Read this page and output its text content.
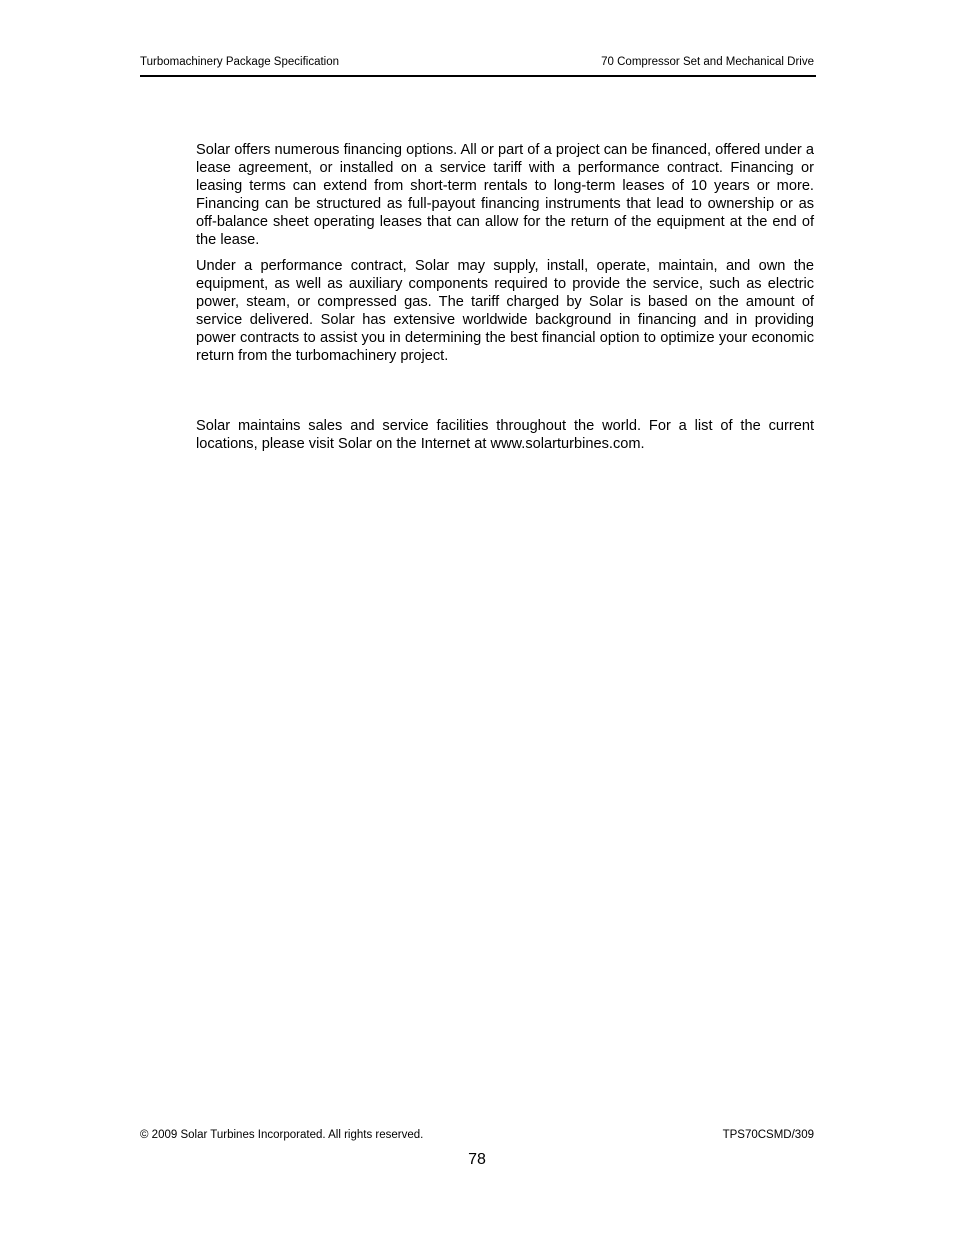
Turbomachinery Package Specification	70 Compressor Set and Mechanical Drive

Solar offers numerous financing options. All or part of a project can be financed, offered under a lease agreement, or installed on a service tariff with a performance contract. Financing or leasing terms can extend from short-term rentals to long-term leases of 10 years or more. Financing can be structured as full-payout financing instruments that lead to ownership or as off-balance sheet operating leases that can allow for the return of the equipment at the end of the lease.

Under a performance contract, Solar may supply, install, operate, maintain, and own the equipment, as well as auxiliary components required to provide the service, such as electric power, steam, or compressed gas. The tariff charged by Solar is based on the amount of service delivered. Solar has extensive worldwide background in financing and in providing power contracts to assist you in determining the best financial option to optimize your economic return from the turbomachinery project.

Solar maintains sales and service facilities throughout the world. For a list of the current locations, please visit Solar on the Internet at www.solarturbines.com.

© 2009 Solar Turbines Incorporated. All rights reserved.	TPS70CSMD/309
78
